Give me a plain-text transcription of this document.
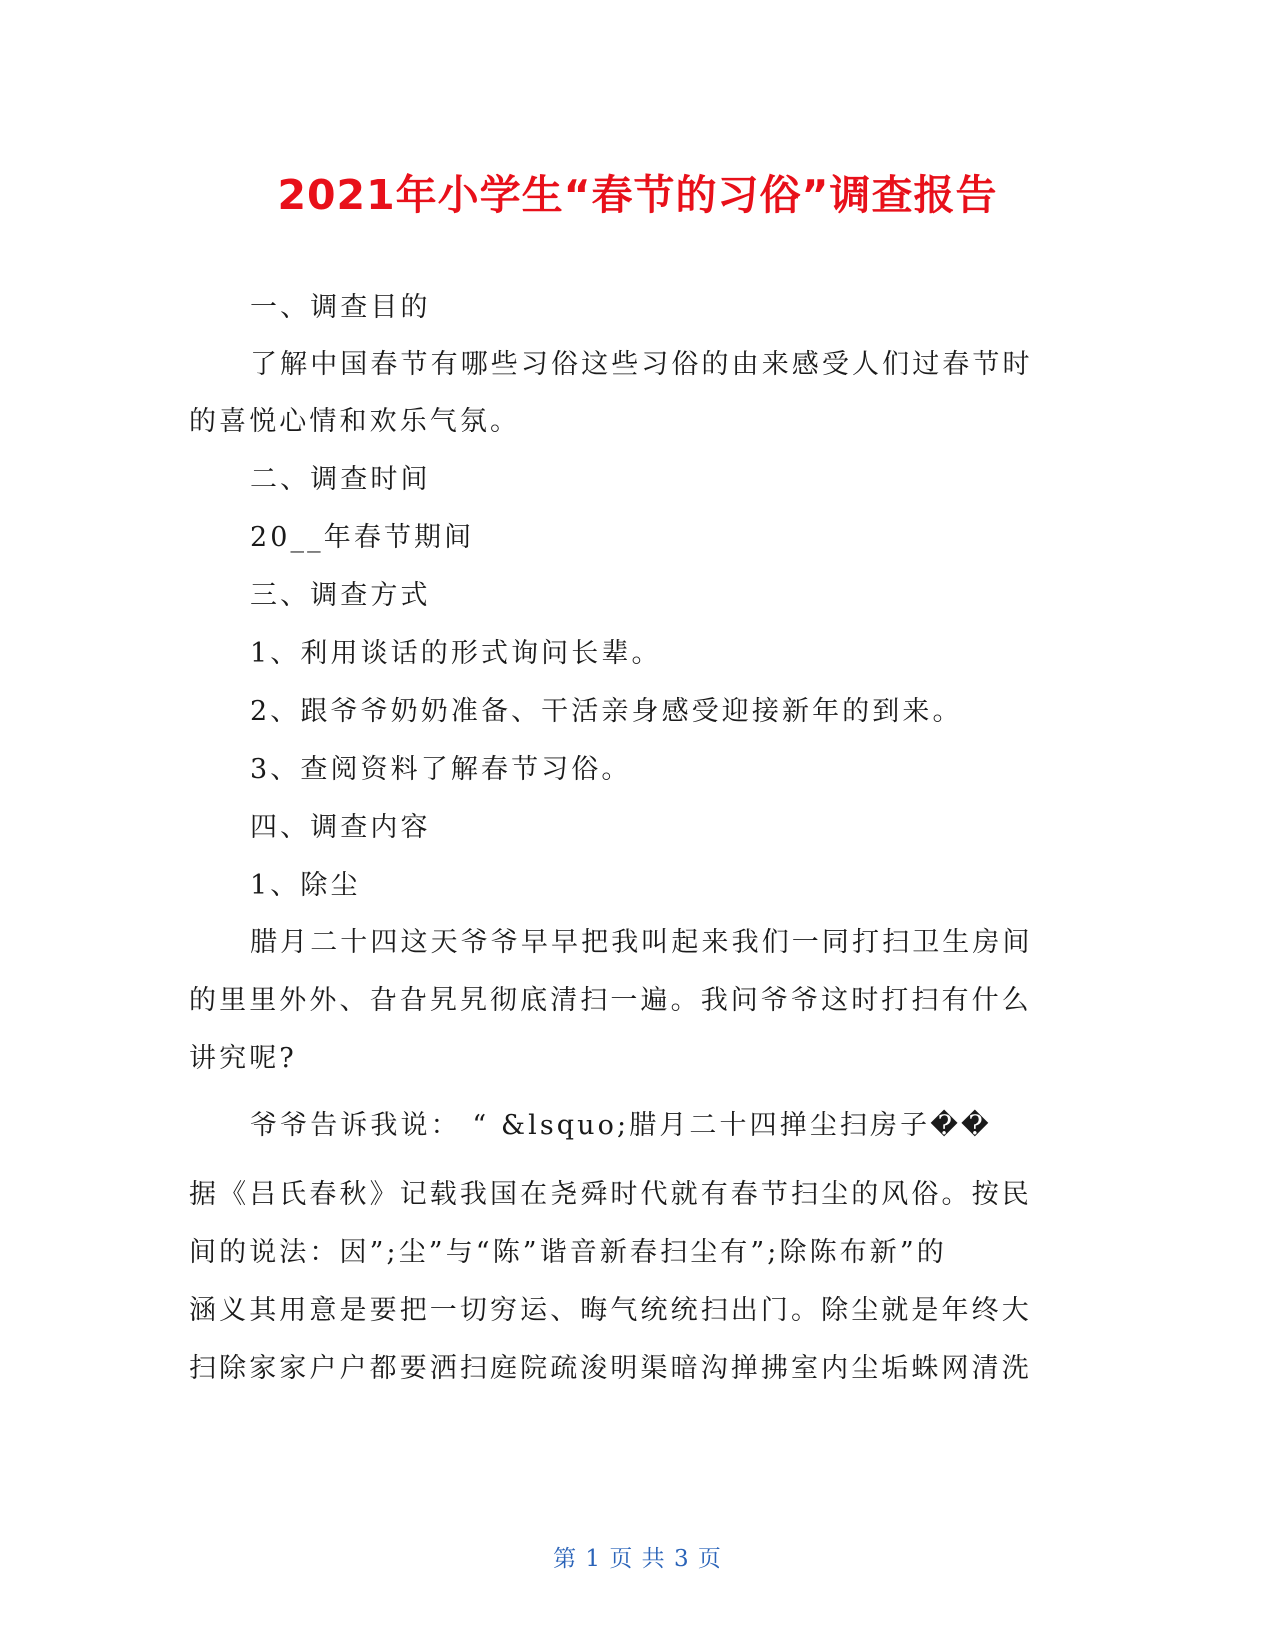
2021年小学生“春节的习俗”调查报告
一、调查目的
了解中国春节有哪些习俗这些习俗的由来感受人们过春节时
的喜悦心情和欢乐气氛。
二、调查时间
20__年春节期间
三、调查方式
1、利用谈话的形式询问长辈。
2、跟爷爷奶奶准备、干活亲身感受迎接新年的到来。
3、查阅资料了解春节习俗。
四、调查内容
1、除尘
腊月二十四这天爷爷早早把我叫起来我们一同打扫卫生房间
的里里外外、旮旮旯旯彻底清扫一遍。我问爷爷这时打扫有什么
讲究呢?
爷爷告诉我说： “ &lsquo;腊月二十四掸尘扫房子��
据《吕氏春秋》记载我国在尧舜时代就有春节扫尘的风俗。按民
间的说法：因”;尘”与“陈”谐音新春扫尘有”;除陈布新”的
涵义其用意是要把一切穷运、晦气统统扫出门。除尘就是年终大
扫除家家户户都要洒扫庭院疏浚明渠暗沟掸拂室内尘垢蛛网清洗
第 1 页 共 3 页
